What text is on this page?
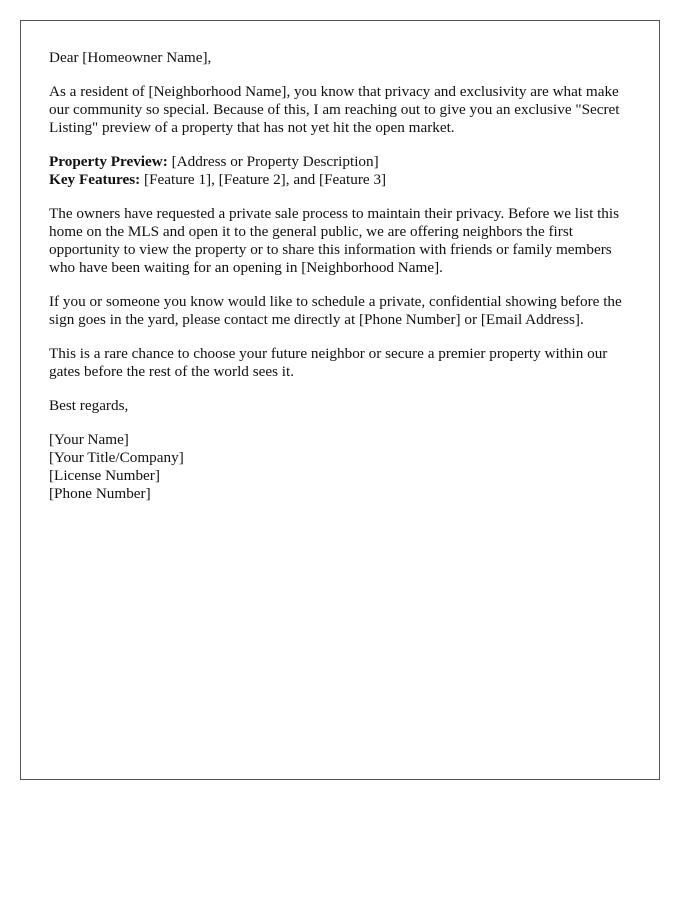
Dear [Homeowner Name],

As a resident of [Neighborhood Name], you know that privacy and exclusivity are what make our community so special. Because of this, I am reaching out to give you an exclusive "Secret Listing" preview of a property that has not yet hit the open market.

Property Preview: [Address or Property Description]
Key Features: [Feature 1], [Feature 2], and [Feature 3]

The owners have requested a private sale process to maintain their privacy. Before we list this home on the MLS and open it to the general public, we are offering neighbors the first opportunity to view the property or to share this information with friends or family members who have been waiting for an opening in [Neighborhood Name].

If you or someone you know would like to schedule a private, confidential showing before the sign goes in the yard, please contact me directly at [Phone Number] or [Email Address].

This is a rare chance to choose your future neighbor or secure a premier property within our gates before the rest of the world sees it.

Best regards,

[Your Name]
[Your Title/Company]
[License Number]
[Phone Number]
